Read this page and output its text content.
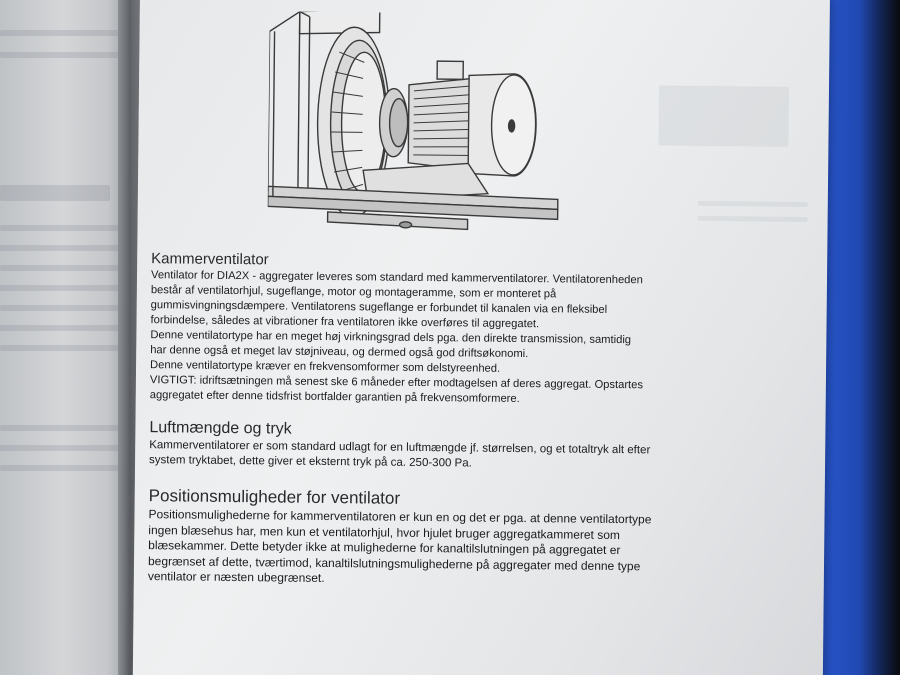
Kammerventilator

Ventilator for DIA2X - aggregater leveres som standard med kammerventilatorer. Ventilatorenheden

består af ventilatorhjul, sugeflange, motor og montageramme, som er monteret på

gummisvingningsdæmpere. Ventilatorens sugeflange er forbundet til kanalen via en fleksibel

forbindelse, således at vibrationer fra ventilatoren ikke overføres til aggregatet.

Denne ventilatortype har en meget høj virkningsgrad dels pga. den direkte transmission, samtidig

har denne også et meget lav støjniveau, og dermed også god driftsøkonomi.

Denne ventilatortype kræver en frekvensomformer som delstyreenhed.

VIGTIGT: idriftsætningen må senest ske 6 måneder efter modtagelsen af deres aggregat. Opstartes

aggregatet efter denne tidsfrist bortfalder garantien på frekvensomformere.

Luftmængde og tryk

Kammerventilatorer er som standard udlagt for en luftmængde jf. størrelsen, og et totaltryk alt efter

system tryktabet, dette giver et eksternt tryk på ca. 250-300 Pa.

Positionsmuligheder for ventilator

Positionsmulighederne for kammerventilatoren er kun en og det er pga. at denne ventilatortype

ingen blæsehus har, men kun et ventilatorhjul, hvor hjulet bruger aggregatkammeret som

blæsekammer. Dette betyder ikke at mulighederne for kanaltilslutningen på aggregatet er

begrænset af dette, tværtimod, kanaltilslutningsmulighederne på aggregater med denne type

ventilator er næsten ubegrænset.
